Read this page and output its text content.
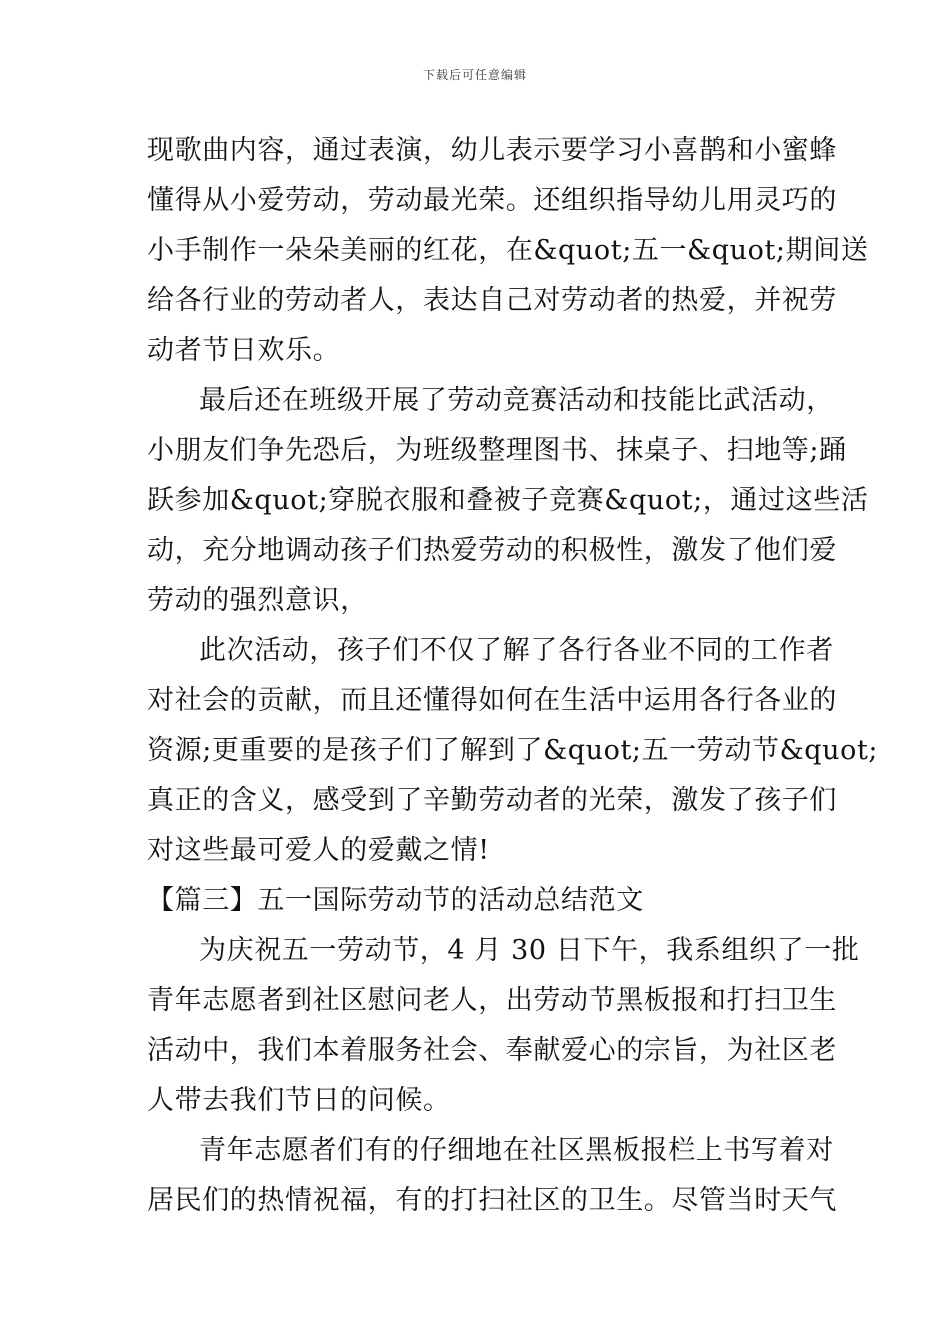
下载后可任意编辑
现歌曲内容，通过表演，幼儿表示要学习小喜鹊和小蜜蜂
懂得从小爱劳动，劳动最光荣。还组织指导幼儿用灵巧的
小手制作一朵朵美丽的红花，在&quot;五一&quot;期间送
给各行业的劳动者人，表达自己对劳动者的热爱，并祝劳
动者节日欢乐。
最后还在班级开展了劳动竞赛活动和技能比武活动，
小朋友们争先恐后，为班级整理图书、抹桌子、扫地等;踊
跃参加&quot;穿脱衣服和叠被子竞赛&quot;，通过这些活
动，充分地调动孩子们热爱劳动的积极性，激发了他们爱
劳动的强烈意识，
此次活动，孩子们不仅了解了各行各业不同的工作者
对社会的贡献，而且还懂得如何在生活中运用各行各业的
资源;更重要的是孩子们了解到了&quot;五一劳动节&quot;
真正的含义，感受到了辛勤劳动者的光荣，激发了孩子们
对这些最可爱人的爱戴之情!
【篇三】五一国际劳动节的活动总结范文
为庆祝五一劳动节，4 月 30 日下午，我系组织了一批
青年志愿者到社区慰问老人，出劳动节黑板报和打扫卫生
活动中，我们本着服务社会、奉献爱心的宗旨，为社区老
人带去我们节日的问候。
青年志愿者们有的仔细地在社区黑板报栏上书写着对
居民们的热情祝福，有的打扫社区的卫生。尽管当时天气
